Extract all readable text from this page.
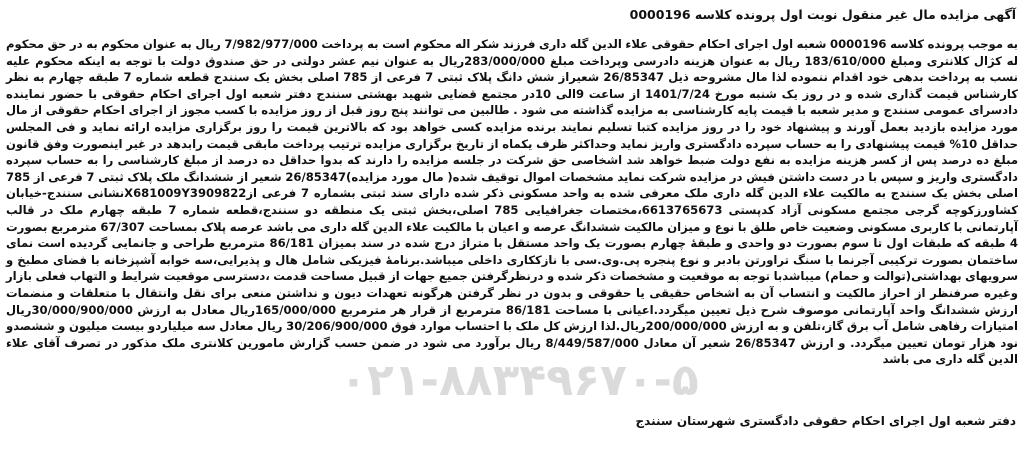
آگهی مزایده مال غیر منقول نوبت اول پرونده کلاسه 0000196

به موجب پرونده کلاسه 0000196 شعبه اول اجرای احکام حقوقی علاء الدین گله داری فرزند شکر اله محکوم است به پرداخت 7/982/977/000 ریال به عنوان محکوم به در حق محکوم له کژال کلانتری ومبلغ 183/610/000 ریال به عنوان هزینه دادرسی وپرداخت مبلغ 283/000/000ریال به عنوان نیم عشر دولتی در حق صندوق دولت با توجه به اینکه محکوم علیه نسب به پرداخت بدهی خود اقدام ننموده لذا مال مشروحه ذیل 26/85347 شعیراز شش دانگ پلاک ثبتی 7 فرعی از 785 اصلی بخش یک سنندج قطعه شماره 7 طبقه چهارم به نظر کارشناس قیمت گذاری شده و در روز یک شنبه مورخ 1401/7/24 از ساعت 9الی 10در مجتمع قضایی شهید بهشتی سنندج دفتر شعبه اول اجرای احکام حقوقی با حضور نماینده دادسرای عمومی سنندج و مدیر شعبه با قیمت پایه کارشناسی به مزایده گذاشته می شود . طالبین می توانند پنج روز قبل از روز مزایده با کسب مجوز از اجرای احکام حقوقی از مال مورد مزایده بازدید بعمل آورند و پیشنهاد خود را در روز مزایده کتبا تسلیم نمایند برنده مزایده کسی خواهد بود که بالاترین قیمت را روز برگزاری مزایده ارائه نماید و فی المجلس حداقل 10% قیمت پیشنهادی را به حساب سپرده دادگستری واریز نماید وحداکثر ظرف یکماه از تاریخ برگزاری مزایده ترتیب پرداخت مابقی قیمت رابدهد در غیر اینصورت وفق قانون مبلغ ده درصد پس از کسر هزینه مزایده به نفع دولت ضبط خواهد شد اشخاصی حق شرکت در جلسه مزایده را دارند که بدوا حداقل ده درصد از مبلغ کارشناسی را به حساب سپرده دادگستری واریز و سپس با در دست داشتن فیش در مزایده شرکت نماید مشخصات اموال توقیف شده( مال مورد مزایده)26/85347 شعیر از ششدانگ ملک پلاک ثبتی 7 فرعی از 785 اصلی بخش یک سنندج به مالکیت علاء الدین گله داری ملک معرفی شده به واحد مسکونی ذکر شده دارای سند ثبتی بشماره 7 فرعی ازX681009Y3909822نشانی سنندج-خیابان کشاورزکوچه گرجی مجتمع مسکونی آزاد کدپستی 6613765673،مختصات جغرافیایی 785 اصلی،بخش ثبتی یک منطقه دو سنندج،قطعه شماره 7 طبقه چهارم ملک در قالب آپارتمانی با کاربری مسکونی وضعیت خاص طلق با نوع و میزان مالکیت ششدانگ عرصه و اعیان با مالکیت علاء الدین گله داری می باشد عرصه پلاک بمساحت 67/307 مترمربع بصورت 4 طبقه که طبقات اول تا سوم بصورت دو واحدی و طبقۀ چهارم بصورت یک واحد مستقل با متراژ درج شده در سند بمیزان 86/181 مترمربع طراحی و جانمایی گردیده است نمای ساختمان بصورت ترکیبی آجرنما با سنگ تراورتن بادبر و نوع پنجره پی.وی.سی با نازککاری داخلی میباشد.برنامۀ فیزیکی شامل هال و پذیرایی،سه خوابه آشپزخانه با فضای مطبخ و سرویهای بهداشتی(توالت و حمام) میباشدبا توجه به موقعیت و مشخصات ذکر شده و درنظرگرفتن جمیع جهات از قبیل مساحت قدمت ،دسترسی موقعیت شرایط و التهاب فعلی بازار وغیره صرفنظر از احراز مالکیت و انتساب آن به اشخاص حقیقی یا حقوقی و بدون در نظر گرفتن هرگونه تعهدات دیون و نداشتن منعی برای نقل وانتقال با متعلقات و منضمات ارزش ششدانگ واحد آپارتمانی موصوف شرح ذیل تعیین میگردد.اعیانی با مساحت 86/181 مترمربع از قرار هر مترمربع 165/000/000ریال معادل به ارزش 30/000/900/000ریال امتیازات رفاهی شامل آب برق گاز،تلفن و به ارزش 200/000/000ریال.لذا ارزش کل ملک با احتساب موارد فوق 30/206/900/000 ریال معادل سه میلیاردو بیست میلیون و ششصدو نود هزار تومان تعیین میگردد. و ارزش 26/85347 شعیر آن معادل 8/449/587/000 ریال برآورد می شود در ضمن حسب گزارش مامورین کلانتری ملک مذکور در تصرف آقای علاء الدین گله داری می باشد

دفتر شعبه اول اجرای احکام حقوقی دادگستری شهرستان سنندج
۰۲۱-۸۸۳۴۹۶۷۰-۵
